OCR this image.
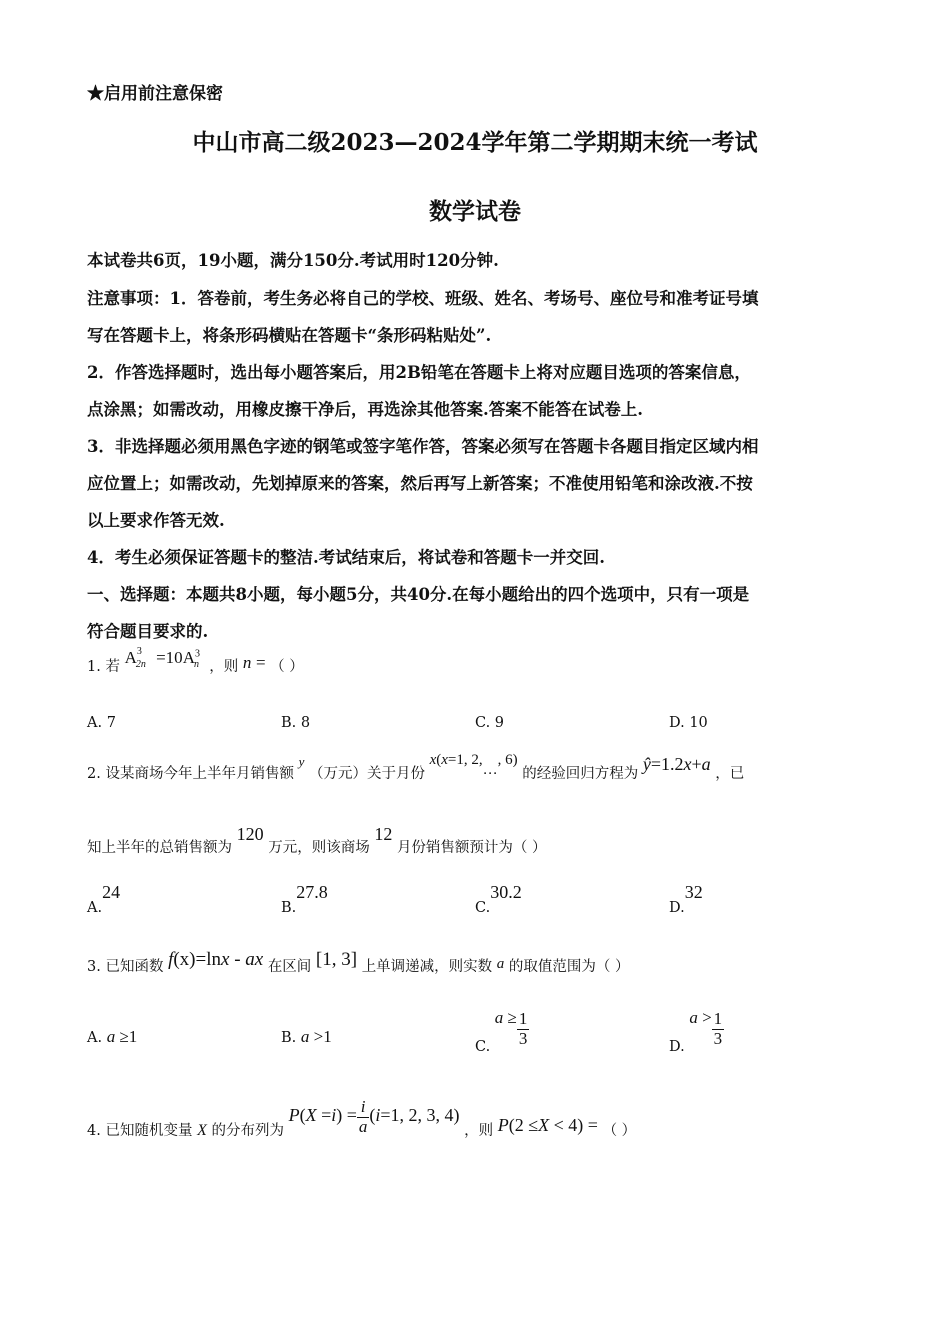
★启用前注意保密
中山市高二级2023—2024学年第二学期期末统一考试
数学试卷
本试卷共6页，19小题，满分150分.考试用时120分钟.
注意事项：1．答卷前，考生务必将自己的学校、班级、姓名、考场号、座位号和准考证号填
写在答题卡上，将条形码横贴在答题卡“条形码粘贴处”.
2．作答选择题时，选出每小题答案后，用2B铅笔在答题卡上将对应题目选项的答案信息，
点涂黑；如需改动，用橡皮擦干净后，再选涂其他答案.答案不能答在试卷上.
3．非选择题必须用黑色字迹的钢笔或签字笔作答，答案必须写在答题卡各题目指定区域内相
应位置上；如需改动，先划掉原来的答案，然后再写上新答案；不准使用铅笔和涂改液.不按
以上要求作答无效.
4．考生必须保证答题卡的整洁.考试结束后，将试卷和答题卡一并交回.
一、选择题：本题共8小题，每小题5分，共40分.在每小题给出的四个选项中，只有一项是
符合题目要求的.
1. 若 $A^3_{2n} =10A^3_n$ ，则 n = （ ）
A. 7	B. 8	C. 9	D. 10
2. 设某商场今年上半年月销售额 y （万元）关于月份 x(x=1, 2,···, 6) 的经验回归方程为 ŷ=1.2x+a ，已
知上半年的总销售额为 120 万元，则该商场 12 月份销售额预计为（ ）
A.24
B.27.8
C.30.2
D.32
3. 已知函数 f(x)=lnx - ax 在区间 [1, 3] 上单调递减，则实数 a 的取值范围为（ ）
A. a ≥1	B. a >1
C. $a \ge \frac{1}{3}$	D. $a > \frac{1}{3}$
4. 已知随机变量 X 的分布列为 $P(X =i) = \frac{i}{a} (i=1$, 2, 3, 4) ，则 P(2 ≤X < 4) = （ ）
